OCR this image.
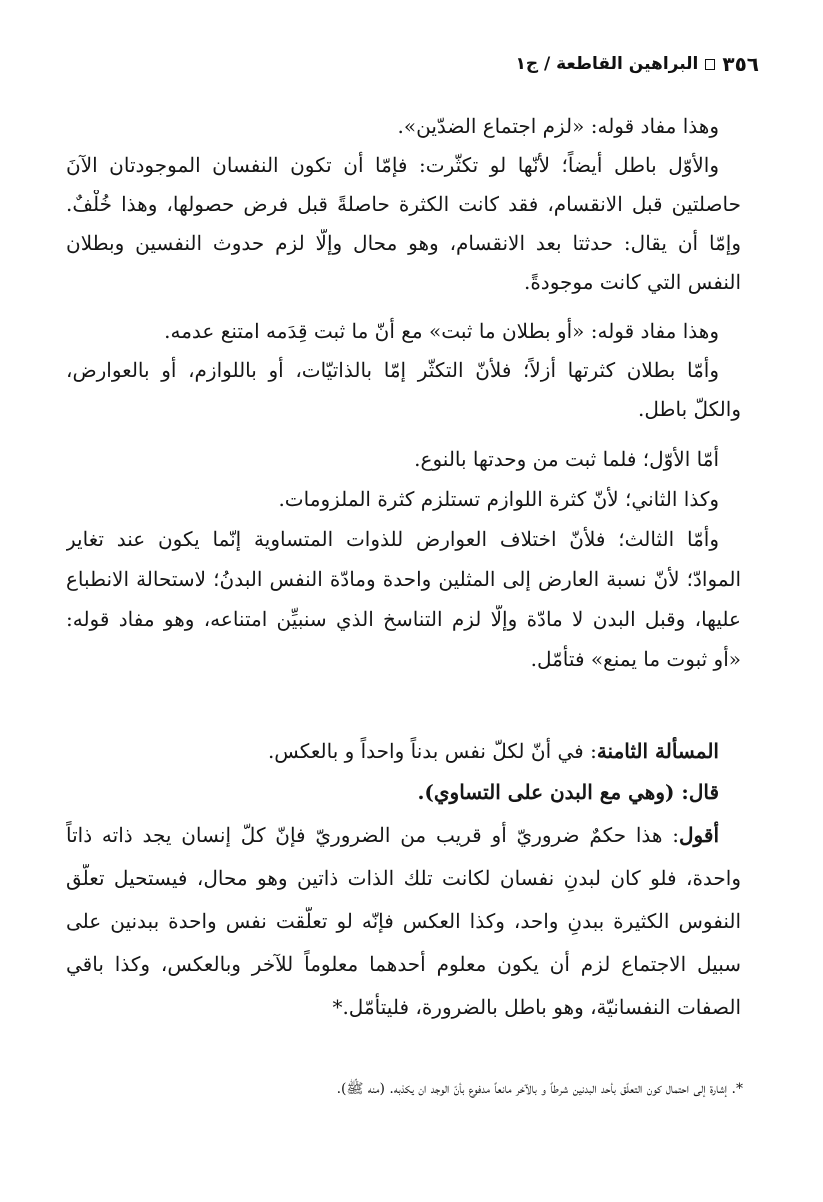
٣٥٦
البراهين القاطعة / ج١
وهذا مفاد قوله: «لزم اجتماع الضدّين».
والأوّل باطل أيضاً؛ لأنّها لو تكثّرت: فإمّا أن تكون النفسان الموجودتان الآنَ
حاصلتين قبل الانقسام، فقد كانت الكثرة حاصلةً قبل فرض حصولها، وهذا خُلْفٌ.
وإمّا أن يقال: حدثتا بعد الانقسام، وهو محال وإلّا لزم حدوث النفسين وبطلان
النفس التي كانت موجودةً.
وهذا مفاد قوله: «أو بطلان ما ثبت» مع أنّ ما ثبت قِدَمه امتنع عدمه.
وأمّا بطلان كثرتها أزلاً؛ فلأنّ التكثّر إمّا بالذاتيّات، أو باللوازم، أو بالعوارض،
والكلّ باطل.
أمّا الأوّل؛ فلما ثبت من وحدتها بالنوع.
وكذا الثاني؛ لأنّ كثرة اللوازم تستلزم كثرة الملزومات.
وأمّا الثالث؛ فلأنّ اختلاف العوارض للذوات المتساوية إنّما يكون عند تغاير
الموادّ؛ لأنّ نسبة العارض إلى المثلين واحدة ومادّة النفس البدنُ؛ لاستحالة الانطباع
عليها، وقبل البدن لا مادّة وإلّا لزم التناسخ الذي سنبيِّن امتناعه، وهو مفاد قوله:
«أو ثبوت ما يمنع» فتأمّل.
المسألة الثامنة: في أنّ لكلّ نفس بدناً واحداً و بالعكس.
قال: (وهي مع البدن على التساوي).
أقول: هذا حكمٌ ضروريّ أو قريب من الضروريّ فإنّ كلّ إنسان يجد ذاته ذاتاً
واحدة، فلو كان لبدنٍ نفسان لكانت تلك الذات ذاتين وهو محال، فيستحيل تعلّق
النفوس الكثيرة ببدنٍ واحد، وكذا العكس فإنّه لو تعلّقت نفس واحدة ببدنين على
سبيل الاجتماع لزم أن يكون معلوم أحدهما معلوماً للآخر وبالعكس، وكذا باقي
الصفات النفسانيّة، وهو باطل بالضرورة، فليتأمّل.*
*. إشارة إلى احتمال كون التعلّق بأحد البدنين شرطاً و بالآخر مانعاً مدفوع بأنّ الوجد ان يكذبه. (منه ﷺ).
